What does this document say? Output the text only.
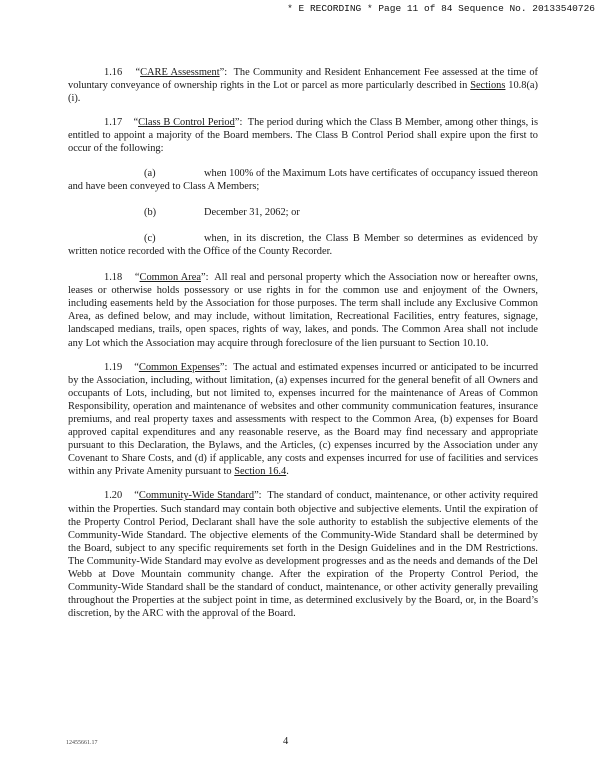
* E RECORDING * Page 11 of 84 Sequence No. 20133540726

1.16 “CARE Assessment”: The Community and Resident Enhancement Fee assessed at the time of voluntary conveyance of ownership rights in the Lot or parcel as more particularly described in Sections 10.8(a)(i).

1.17 “Class B Control Period”: The period during which the Class B Member, among other things, is entitled to appoint a majority of the Board members. The Class B Control Period shall expire upon the first to occur of the following:

(a)	when 100% of the Maximum Lots have certificates of occupancy issued thereon and have been conveyed to Class A Members;

(b)	December 31, 2062; or

(c)	when, in its discretion, the Class B Member so determines as evidenced by written notice recorded with the Office of the County Recorder.

1.18 “Common Area”: All real and personal property which the Association now or hereafter owns, leases or otherwise holds possessory or use rights in for the common use and enjoyment of the Owners, including easements held by the Association for those purposes. The term shall include any Exclusive Common Area, as defined below, and may include, without limitation, Recreational Facilities, entry features, signage, landscaped medians, trails, open spaces, rights of way, lakes, and ponds. The Common Area shall not include any Lot which the Association may acquire through foreclosure of the lien pursuant to Section 10.10.

1.19 “Common Expenses”: The actual and estimated expenses incurred or anticipated to be incurred by the Association, including, without limitation, (a) expenses incurred for the general benefit of all Owners and occupants of Lots, including, but not limited to, expenses incurred for the maintenance of Areas of Common Responsibility, operation and maintenance of websites and other community communication features, insurance premiums, and real property taxes and assessments with respect to the Common Area, (b) expenses for Board approved capital expenditures and any reasonable reserve, as the Board may find necessary and appropriate pursuant to this Declaration, the Bylaws, and the Articles, (c) expenses incurred by the Association under any Covenant to Share Costs, and (d) if applicable, any costs and expenses incurred for use of facilities and services within any Private Amenity pursuant to Section 16.4.

1.20 “Community-Wide Standard”: The standard of conduct, maintenance, or other activity required within the Properties. Such standard may contain both objective and subjective elements. Until the expiration of the Property Control Period, Declarant shall have the sole authority to establish the subjective elements of the Community-Wide Standard. The objective elements of the Community-Wide Standard shall be determined by the Board, subject to any specific requirements set forth in the Design Guidelines and in the DM Restrictions. The Community-Wide Standard may evolve as development progresses and as the needs and demands of the Del Webb at Dove Mountain community change. After the expiration of the Property Control Period, the Community-Wide Standard shall be the standard of conduct, maintenance, or other activity generally prevailing throughout the Properties at the subject point in time, as determined exclusively by the Board, or, in the Board’s discretion, by the ARC with the approval of the Board.

12455661.17	4
